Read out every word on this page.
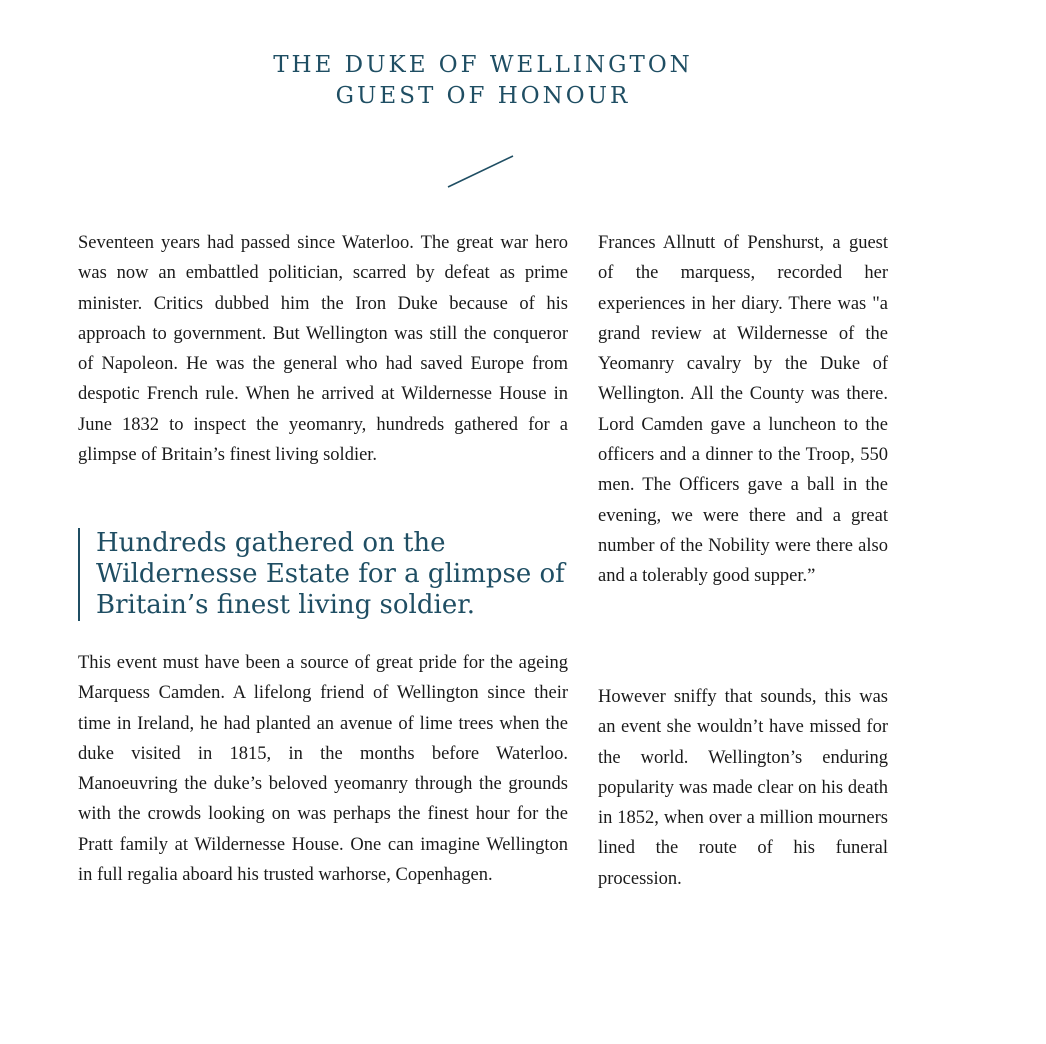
THE DUKE OF WELLINGTON
GUEST OF HONOUR

Seventeen years had passed since Waterloo. The great war hero was now an embattled politician, scarred by defeat as prime minister. Critics dubbed him the Iron Duke because of his approach to government. But Wellington was still the conqueror of Napoleon. He was the general who had saved Europe from despotic French rule. When he arrived at Wildernesse House in June 1832 to inspect the yeomanry, hundreds gathered for a glimpse of Britain’s finest living soldier.

Hundreds gathered on the Wildernesse Estate for a glimpse of Britain’s finest living soldier.

This event must have been a source of great pride for the ageing Marquess Camden. A lifelong friend of Wellington since their time in Ireland, he had planted an avenue of lime trees when the duke visited in 1815, in the months before Waterloo. Manoeuvring the duke’s beloved yeomanry through the grounds with the crowds looking on was perhaps the finest hour for the Pratt family at Wildernesse House. One can imagine Wellington in full regalia aboard his trusted warhorse, Copenhagen.

Frances Allnutt of Penshurst, a guest of the marquess, recorded her experiences in her diary. There was "a grand review at Wildernesse of the Yeomanry cavalry by the Duke of Wellington. All the County was there. Lord Camden gave a luncheon to the officers and a dinner to the Troop, 550 men. The Officers gave a ball in the evening, we were there and a great number of the Nobility were there also and a tolerably good supper.”

However sniffy that sounds, this was an event she wouldn’t have missed for the world. Wellington’s enduring popularity was made clear on his death in 1852, when over a million mourners lined the route of his funeral procession.
